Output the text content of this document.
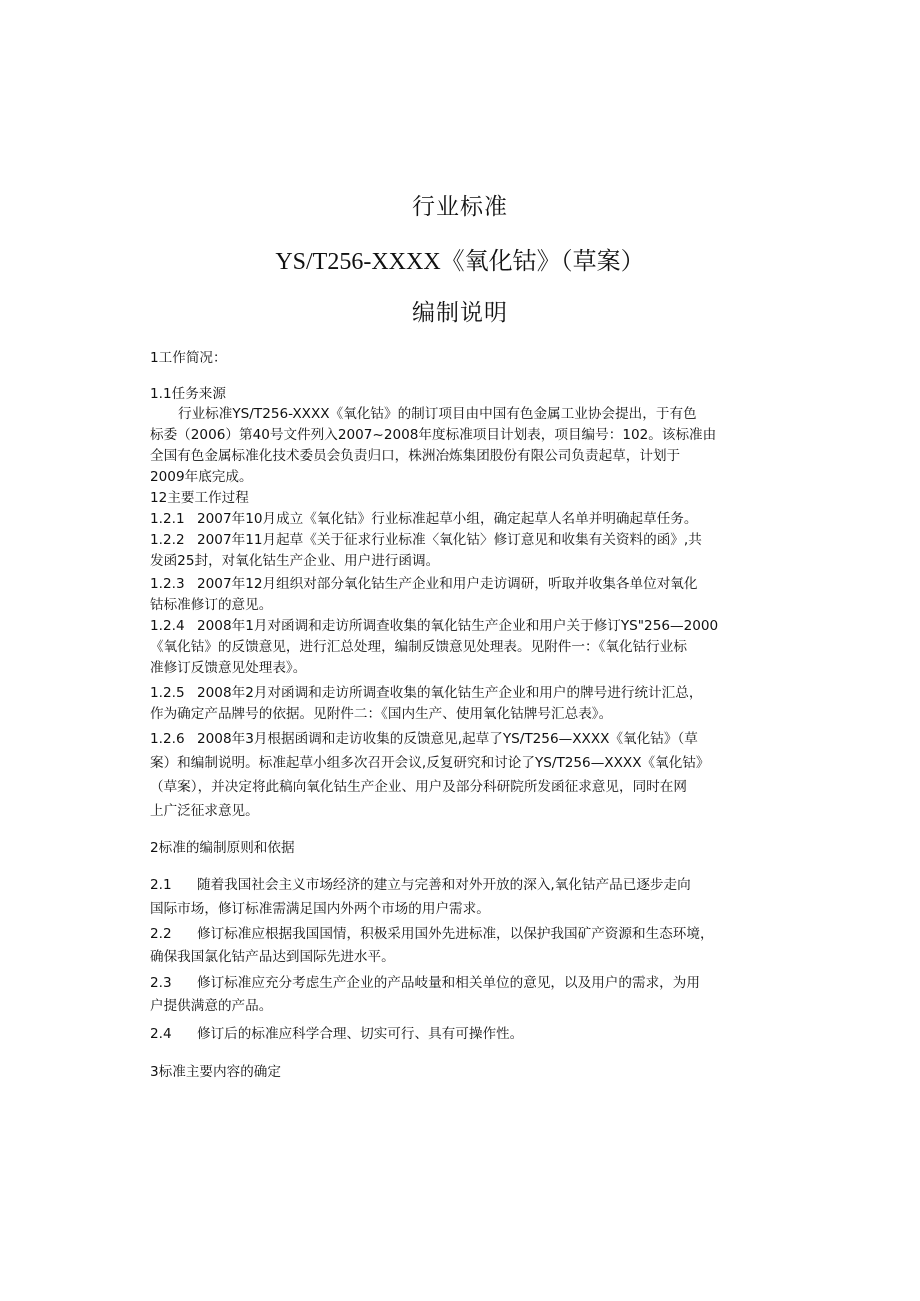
行业标准
YS/T256-XXXX《氧化钴》（草案）
编制说明
1工作简况：
1.1任务来源
行业标准YS/T256-XXXX《氧化钴》的制订项目由中国有色金属工业协会提出，于有色
标委（2006）第40号文件列入2007~2008年度标准项目计划表，项目编号：102。该标准由
全国有色金属标准化技术委员会负责归口，株洲冶炼集团股份有限公司负责起草，计划于
2009年底完成。
12主要工作过程
1.2.1 2007年10月成立《氧化钴》行业标准起草小组，确定起草人名单并明确起草任务。
1.2.2 2007年11月起草《关于征求行业标准〈氧化钴〉修订意见和收集有关资料的函》,共
发函25封，对氧化钴生产企业、用户进行函调。
1.2.3 2007年12月组织对部分氧化钴生产企业和用户走访调研，听取并收集各单位对氧化
钴标准修订的意见。
1.2.4 2008年1月对函调和走访所调查收集的氧化钴生产企业和用户关于修订YS"256—2000
《氧化钴》的反馈意见，进行汇总处理，编制反馈意见处理表。见附件一：《氧化钴行业标
准修订反馈意见处理表》。
1.2.5 2008年2月对函调和走访所调查收集的氧化钴生产企业和用户的牌号进行统计汇总，
作为确定产品牌号的依据。见附件二：《国内生产、使用氧化钴牌号汇总表》。
1.2.6 2008年3月根据函调和走访收集的反馈意见,起草了YS/T256—XXXX《氧化钴》（草
案）和编制说明。标准起草小组多次召开会议,反复研究和讨论了YS/T256—XXXX《氧化钴》
（草案），并决定将此稿向氧化钴生产企业、用户及部分科研院所发函征求意见，同时在网
上广泛征求意见。
2标准的编制原则和依据
2.1 随着我国社会主义市场经济的建立与完善和对外开放的深入,氧化钴产品已逐步走向
国际市场，修订标准需满足国内外两个市场的用户需求。
2.2 修订标准应根据我国国情，积极采用国外先进标准，以保护我国矿产资源和生态环境，
确保我国氯化钴产品达到国际先进水平。
2.3 修订标准应充分考虑生产企业的产品岐量和相关单位的意见，以及用户的需求，为用
户提供满意的产品。
2.4 修订后的标准应科学合理、切实可行、具有可操作性。
3标准主要内容的确定
